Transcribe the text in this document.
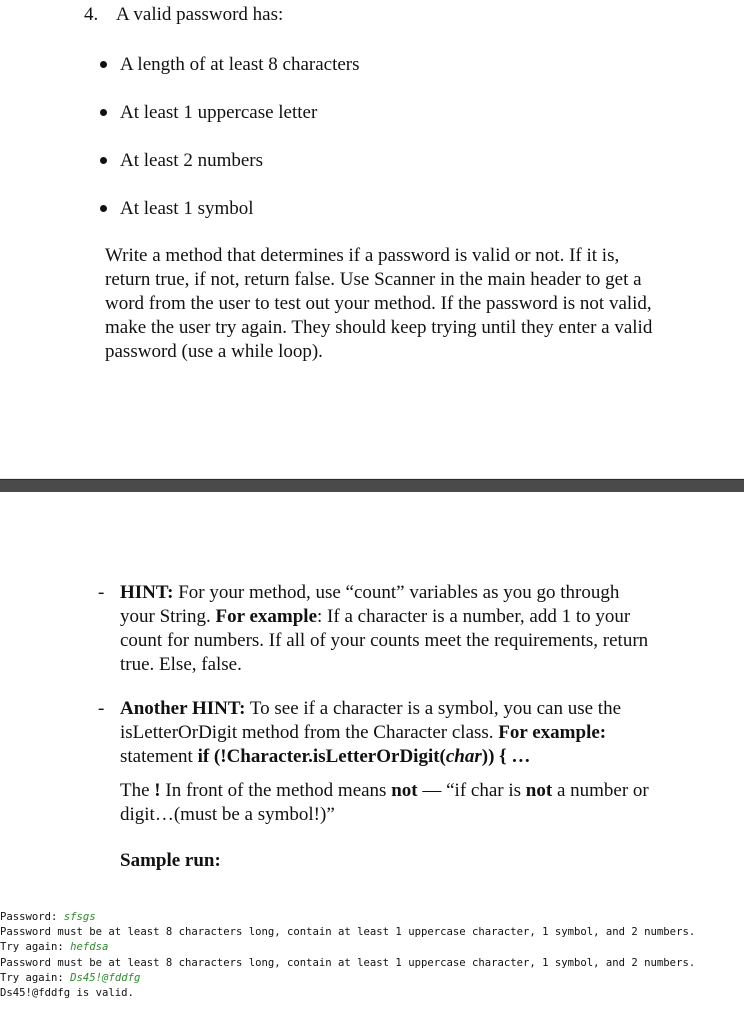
4. A valid password has:

A length of at least 8 characters
At least 1 uppercase letter
At least 2 numbers
At least 1 symbol

Write a method that determines if a password is valid or not. If it is, return true, if not, return false. Use Scanner in the main header to get a word from the user to test out your method. If the password is not valid, make the user try again. They should keep trying until they enter a valid password (use a while loop).

- HINT: For your method, use “count” variables as you go through your String. For example: If a character is a number, add 1 to your count for numbers. If all of your counts meet the requirements, return true. Else, false.

- Another HINT: To see if a character is a symbol, you can use the isLetterOrDigit method from the Character class. For example: statement if (!Character.isLetterOrDigit(char)) { …

The ! In front of the method means not — “if char is not a number or digit…(must be a symbol!)”

Sample run:

Password: sfsgs
Password must be at least 8 characters long, contain at least 1 uppercase character, 1 symbol, and 2 numbers.
Try again: hefdsa
Password must be at least 8 characters long, contain at least 1 uppercase character, 1 symbol, and 2 numbers.
Try again: Ds45!@fddfg
Ds45!@fddfg is valid.
